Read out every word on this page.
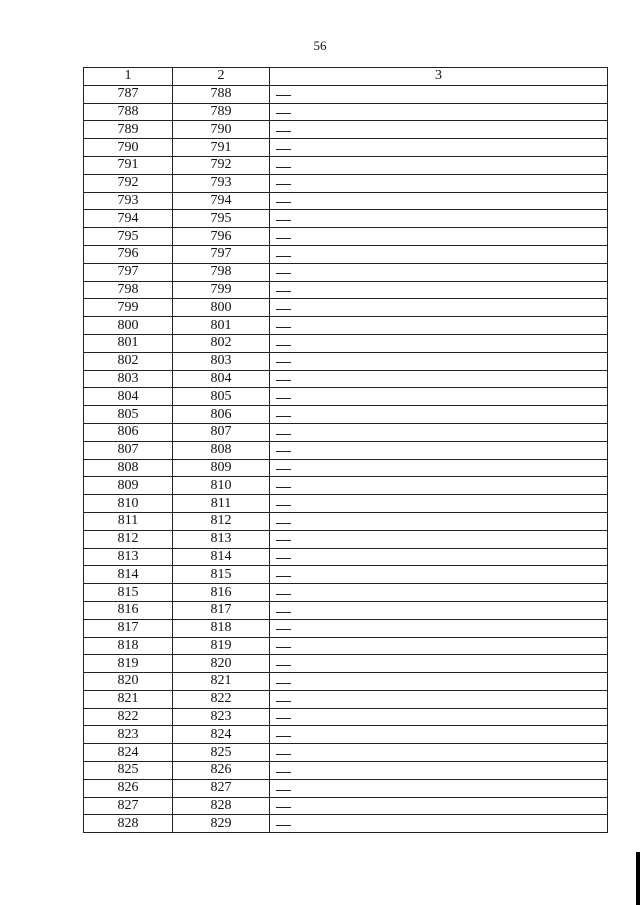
56
1	2	3
787	788	
788	789	
789	790	
790	791	
791	792	
792	793	
793	794	
794	795	
795	796	
796	797	
797	798	
798	799	
799	800	
800	801	
801	802	
802	803	
803	804	
804	805	
805	806	
806	807	
807	808	
808	809	
809	810	
810	811	
811	812	
812	813	
813	814	
814	815	
815	816	
816	817	
817	818	
818	819	
819	820	
820	821	
821	822	
822	823	
823	824	
824	825	
825	826	
826	827	
827	828	
828	829	
